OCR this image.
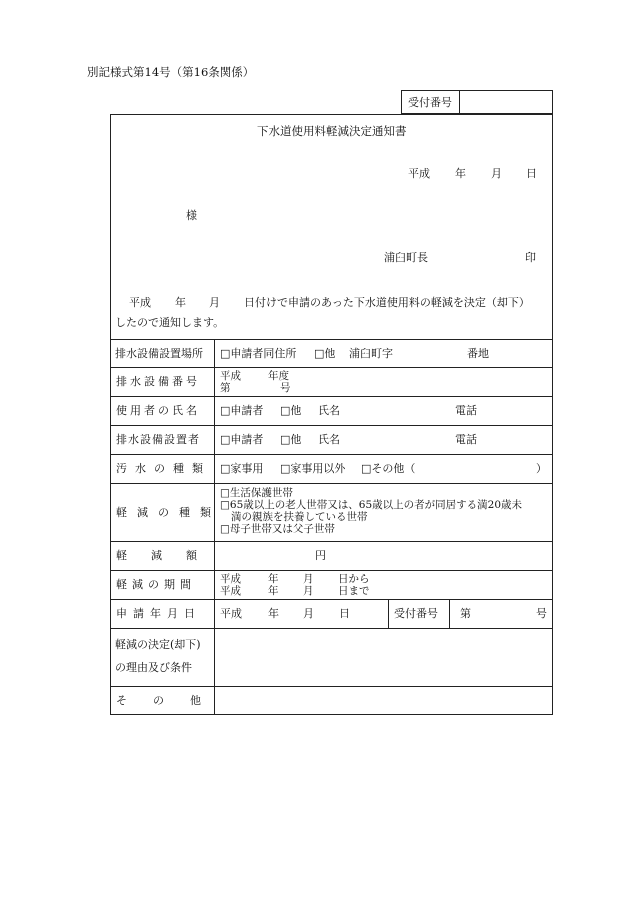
別記様式第14号（第16条関係）
受付番号
下水道使用料軽減決定通知書
平成 年 月 日
様
浦臼町長	印
平成 年 月 日付けで申請のあった下水道使用料の軽減を決定（却下）
したので通知します。
排水設備設置場所 □申請者同住所 □他 浦臼町字	番地
排水設備番号	平成	年度
第	号
使用者の氏名 □申請者 □他 氏名	電話
排水設備設置者 □申請者 □他 氏名	電話
汚水の種類 □家事用 □家事用以外 □その他（	）
軽減の種類
□生活保護世帯
□65歳以上の老人世帯又は、65歳以上の者が同居する満20歳未
満の親族を扶養している世帯
□母子世帯又は父子世帯
軽減額	円
軽減の期間 平成	年 月 日から
平成	年 月 日まで
申請年月日 平成 年 月 日	受付番号 第	号
軽減の決定(却下)
の理由及び条件
その他
